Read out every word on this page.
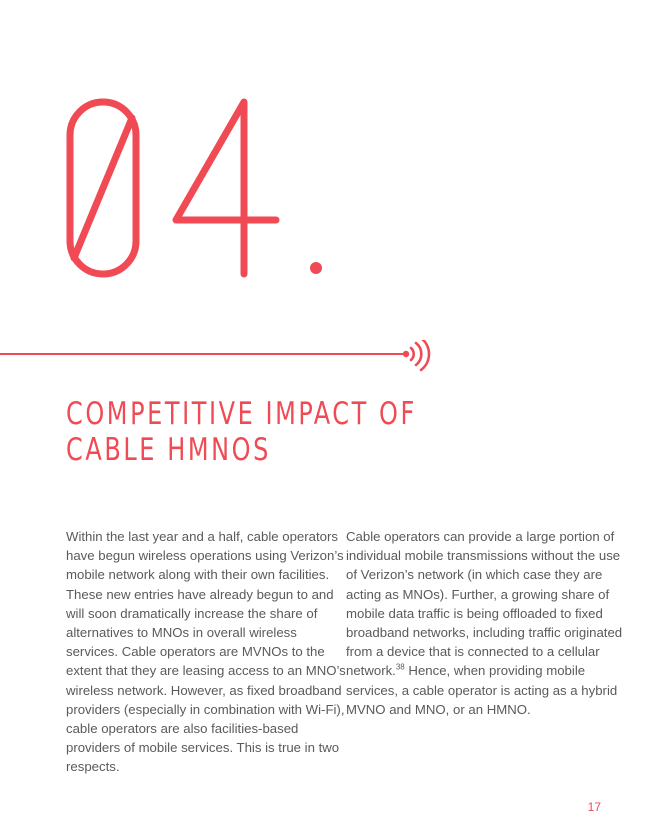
COMPETITIVE IMPACT OF CABLE HMNOS

Within the last year and a half, cable operators have begun wireless operations using Verizon’s mobile network along with their own facilities. These new entries have already begun to and will soon dramatically increase the share of alternatives to MNOs in overall wireless services. Cable operators are MVNOs to the extent that they are leasing access to an MNO’s wireless network. However, as fixed broadband providers (especially in combination with Wi-Fi), cable operators are also facilities-based providers of mobile services. This is true in two respects.

Cable operators can provide a large portion of individual mobile transmissions without the use of Verizon’s network (in which case they are acting as MNOs). Further, a growing share of mobile data traffic is being offloaded to fixed broadband networks, including traffic originated from a device that is connected to a cellular network.$^{38}$ Hence, when providing mobile services, a cable operator is acting as a hybrid MVNO and MNO, or an HMNO.

17
